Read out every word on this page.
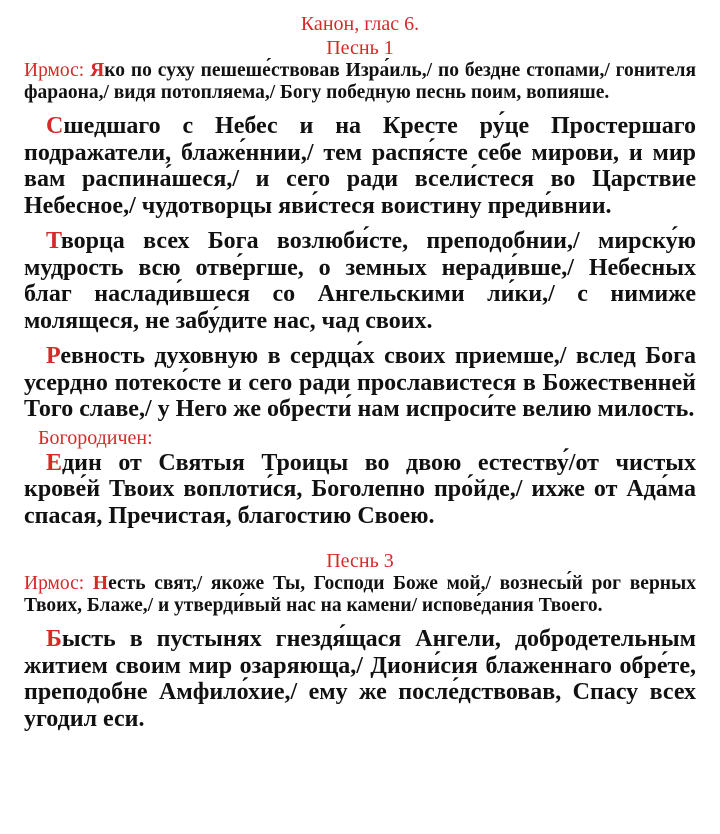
Канон, глас 6.
Песнь 1

Ирмос: Яко по суху пешеше́ствовав Изра́иль,/ по бездне стопами,/ гонителя фараона,/ видя потопляема,/ Богу победную песнь поим, вопияше.

Сшедшаго с Небес и на Кресте ру́це Простершаго подражатели, блаже́ннии,/ тем распя́сте себе мирови, и мир вам распина́шеся,/ и сего ради всели́стеся во Царствие Небесное,/ чудотворцы яви́стеся воистину преди́внии.

Творца всех Бога возлюби́сте, преподобнии,/ мирску́ю мудрость всю отве́ргше, о земных неради́вше,/ Небесных благ наслади́вшеся со Ангельскими ли́ки,/ с нимиже молящеся, не забу́дите нас, чад своих.

Ревность духовную в сердца́х своих приемше,/ вслед Бога усердно потеко́сте и сего ради прославистеся в Божественней Того славе,/ у Него же обрести́ нам испроси́те велию милость.

Богородичен:

Един от Святыя Троицы во двою естеству́/от чистых крове́й Твоих воплоти́ся, Боголепно про́йде,/ ихже от Ада́ма спасая, Пречистая, благостию Своею.

Песнь 3

Ирмос: Несть свят,/ якоже Ты, Господи Боже мой,/ вознесы́й рог верных Твоих, Блаже,/ и утверди́вый нас на камени/ испове́дания Твоего.

Бысть в пустынях гнездя́щася Ангели, добродетельным житием своим мир озаряюща,/ Диони́сия блаженнаго обре́те, преподобне Амфило́хие,/ ему же после́дствовав, Спасу всех угодил еси.
